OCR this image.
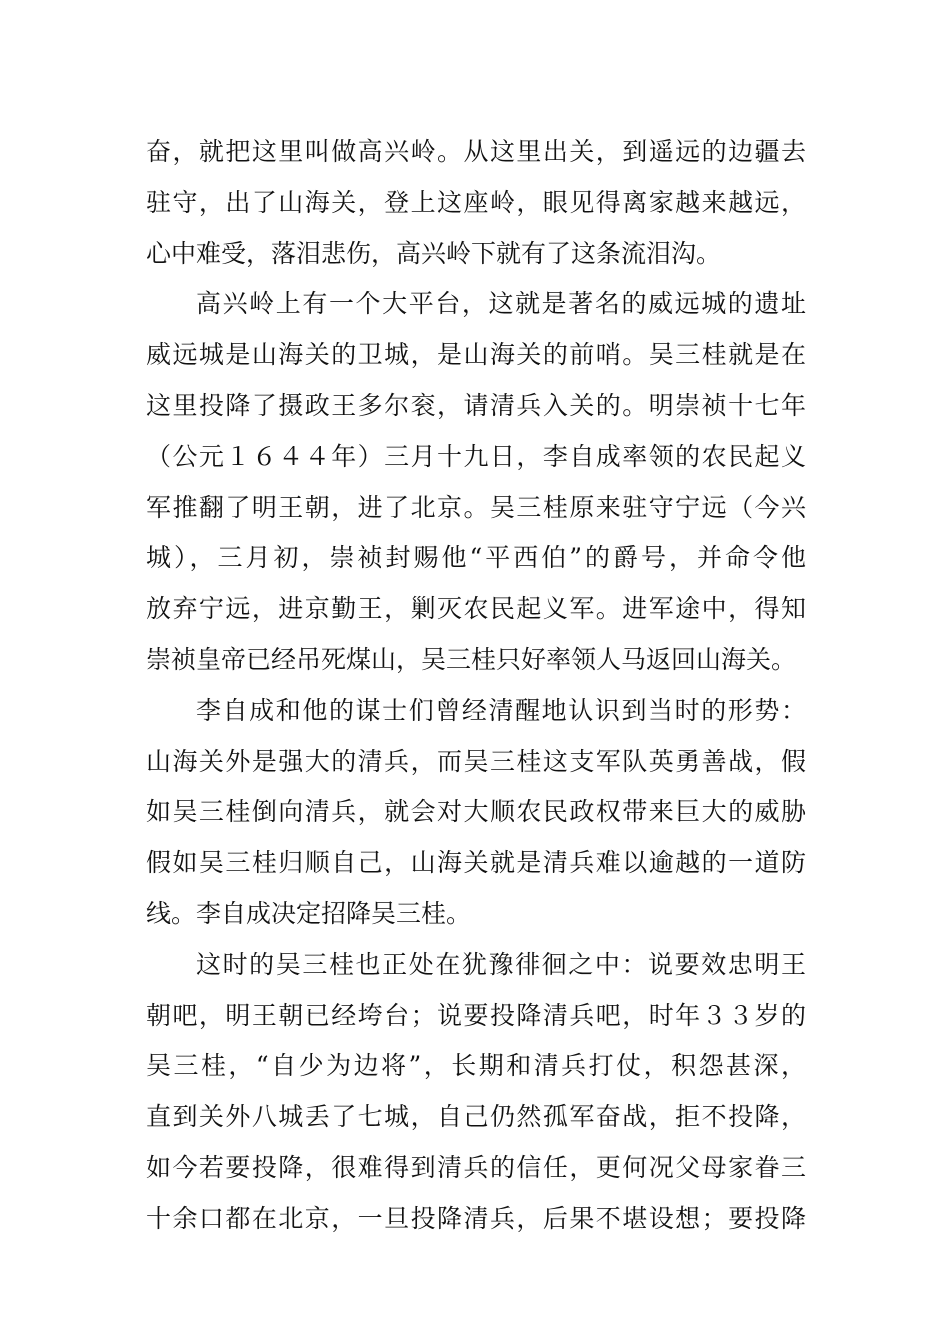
奋，就把这里叫做高兴岭。从这里出关，到遥远的边疆去
驻守，出了山海关，登上这座岭，眼见得离家越来越远，
心中难受，落泪悲伤，高兴岭下就有了这条流泪沟。
高兴岭上有一个大平台，这就是著名的威远城的遗址
威远城是山海关的卫城，是山海关的前哨。吴三桂就是在
这里投降了摄政王多尔衮，请清兵入关的。明崇祯十七年
（公元１６４４年）三月十九日，李自成率领的农民起义
军推翻了明王朝，进了北京。吴三桂原来驻守宁远（今兴
城），三月初，崇祯封赐他“平西伯”的爵号，并命令他
放弃宁远，进京勤王，剿灭农民起义军。进军途中，得知
崇祯皇帝已经吊死煤山，吴三桂只好率领人马返回山海关。
李自成和他的谋士们曾经清醒地认识到当时的形势：
山海关外是强大的清兵，而吴三桂这支军队英勇善战，假
如吴三桂倒向清兵，就会对大顺农民政权带来巨大的威胁
假如吴三桂归顺自己，山海关就是清兵难以逾越的一道防
线。李自成决定招降吴三桂。
这时的吴三桂也正处在犹豫徘徊之中：说要效忠明王
朝吧，明王朝已经垮台；说要投降清兵吧，时年３３岁的
吴三桂，“自少为边将”，长期和清兵打仗，积怨甚深，
直到关外八城丢了七城，自己仍然孤军奋战，拒不投降，
如今若要投降，很难得到清兵的信任，更何况父母家眷三
十余口都在北京，一旦投降清兵，后果不堪设想；要投降
